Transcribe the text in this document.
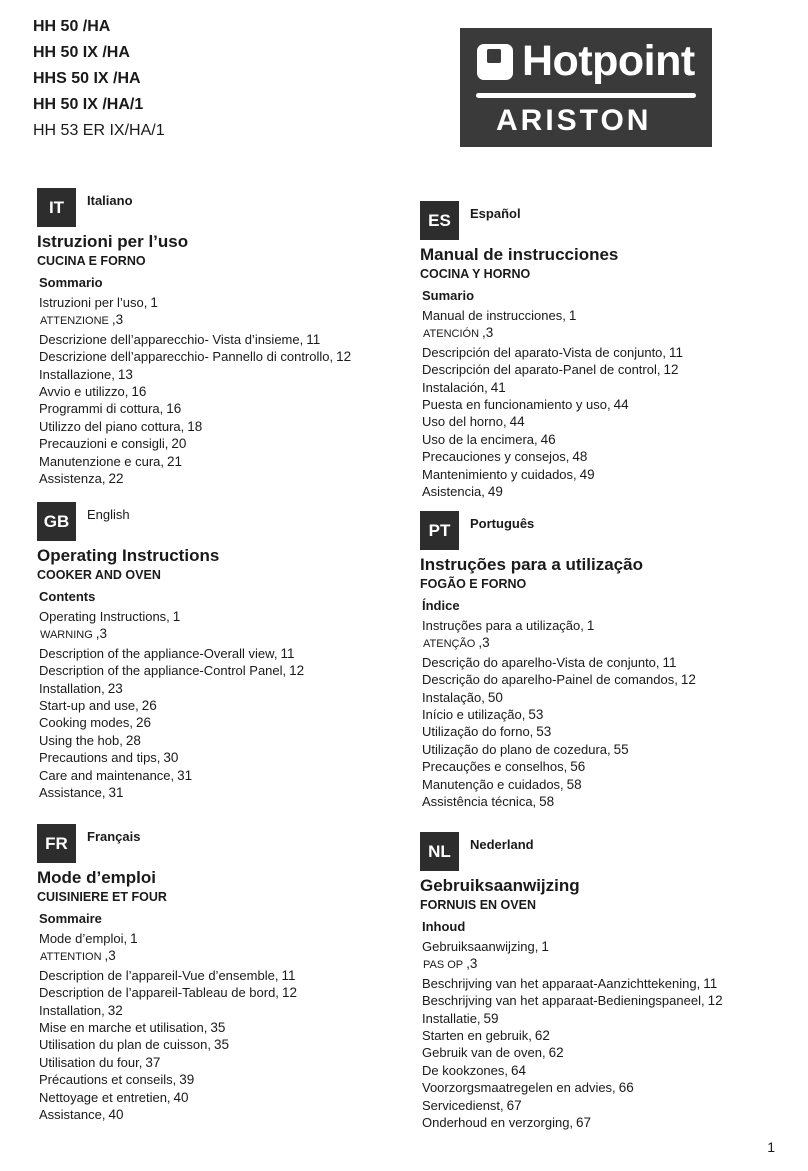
HH 50 /HA
HH 50 IX /HA
HHS 50 IX /HA
HH 50 IX /HA/1
HH 53 ER IX/HA/1
Hotpoint
ARISTON
IT	Italiano
Istruzioni per l’uso
CUCINA E FORNO
Sommario
Istruzioni per l’uso, 1
ATTENZIONE ,3
Descrizione dell’apparecchio- Vista d’insieme, 11
Descrizione dell’apparecchio- Pannello di controllo, 12
Installazione, 13
Avvio e utilizzo, 16
Programmi di cottura, 16
Utilizzo del piano cottura, 18
Precauzioni e consigli, 20
Manutenzione e cura, 21
Assistenza, 22
ES	Español
Manual de instrucciones
COCINA Y HORNO
Sumario
Manual de instrucciones, 1
ATENCIÓN ,3
Descripción del aparato-Vista de conjunto, 11
Descripción del aparato-Panel de control, 12
Instalación, 41
Puesta en funcionamiento y uso, 44
Uso del horno, 44
Uso de la encimera, 46
Precauciones y consejos, 48
Mantenimiento y cuidados, 49
Asistencia, 49
GB	English
Operating Instructions
COOKER AND OVEN
Contents
Operating Instructions, 1
WARNING ,3
Description of the appliance-Overall view, 11
Description of the appliance-Control Panel, 12
Installation, 23
Start-up and use, 26
Cooking modes, 26
Using the hob, 28
Precautions and tips, 30
Care and maintenance, 31
Assistance, 31
PT	Português
Instruções para a utilização
FOGÃO E FORNO
Índice
Instruções para a utilização, 1
ATENÇÃO ,3
Descrição do aparelho-Vista de conjunto, 11
Descrição do aparelho-Painel de comandos, 12
Instalação, 50
Início e utilização, 53
Utilização do forno, 53
Utilização do plano de cozedura, 55
Precauções e conselhos, 56
Manutenção e cuidados, 58
Assistência técnica, 58
FR	Français
Mode d’emploi
CUISINIERE ET FOUR
Sommaire
Mode d’emploi, 1
ATTENTION ,3
Description de l’appareil-Vue d’ensemble, 11
Description de l’appareil-Tableau de bord, 12
Installation, 32
Mise en marche et utilisation, 35
Utilisation du plan de cuisson, 35
Utilisation du four, 37
Précautions et conseils, 39
Nettoyage et entretien, 40
Assistance, 40
NL	Nederland
Gebruiksaanwijzing
FORNUIS EN OVEN
Inhoud
Gebruiksaanwijzing, 1
PAS OP ,3
Beschrijving van het apparaat-Aanzichttekening, 11
Beschrijving van het apparaat-Bedieningspaneel, 12
Installatie, 59
Starten en gebruik, 62
Gebruik van de oven, 62
De kookzones, 64
Voorzorgsmaatregelen en advies, 66
Servicedienst, 67
Onderhoud en verzorging, 67
1
